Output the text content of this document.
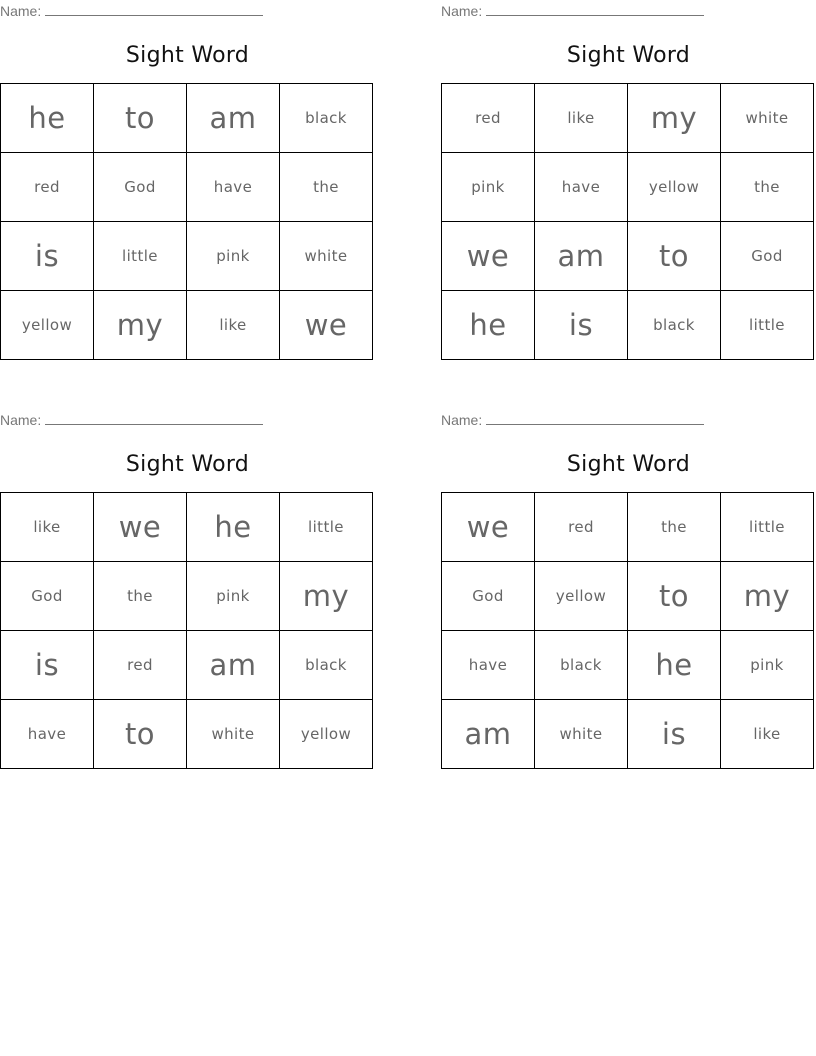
Name:
Sight Word
he	to	am	black
red	God	have	the
is	little	pink	white
yellow	my	like	we
Name:
Sight Word
red	like	my	white
pink	have	yellow	the
we	am	to	God
he	is	black	little
Name:
Sight Word
like	we	he	little
God	the	pink	my
is	red	am	black
have	to	white	yellow
Name:
Sight Word
we	red	the	little
God	yellow	to	my
have	black	he	pink
am	white	is	like
